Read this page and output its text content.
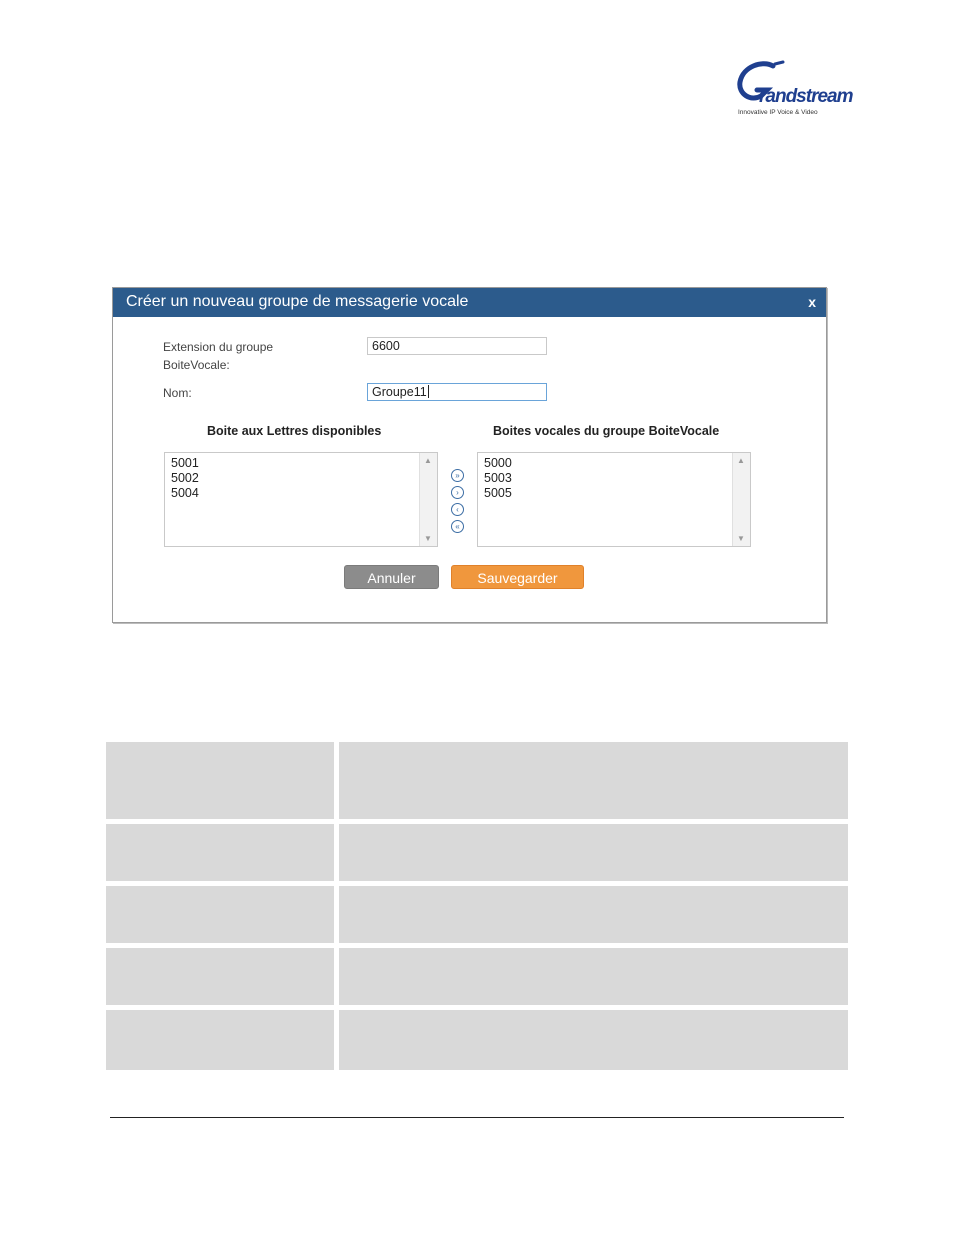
randstream
Innovative IP Voice & Video
Créer un nouveau groupe de messagerie vocale	x
Extension du groupe
BoiteVocale:
6600
Nom:	Groupe11
Boite aux Lettres disponibles	Boites vocales du groupe BoiteVocale
5001
5002
5004
▲
▼
»
›
‹
«
5000
5003
5005
▲
▼
Annuler	Sauvegarder
